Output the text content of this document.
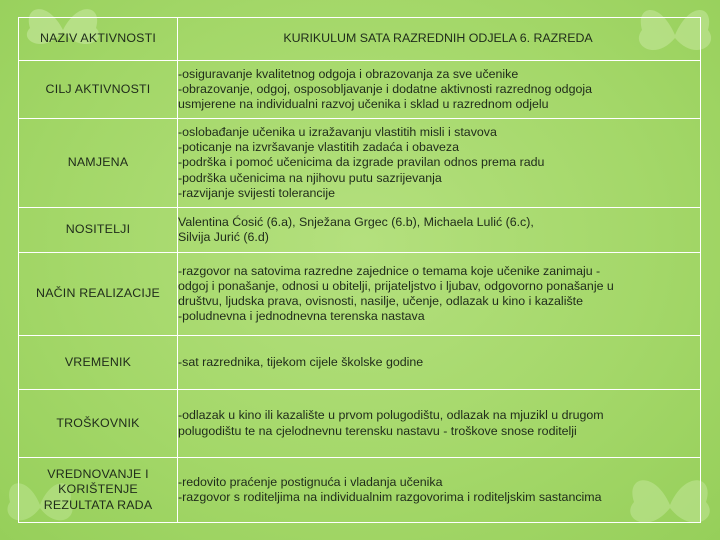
NAZIV AKTIVNOSTI	KURIKULUM SATA RAZREDNIH ODJELA 6. RAZREDA
CILJ AKTIVNOSTI	-osiguravanje kvalitetnog odgoja i obrazovanja za sve učenike
-obrazovanje, odgoj, osposobljavanje i dodatne aktivnosti razrednog odgoja
usmjerene na individualni razvoj učenika i sklad u razrednom odjelu

NAMJENA	-oslobađanje učenika u izražavanju vlastitih misli i stavova
-poticanje na izvršavanje vlastitih zadaća i obaveza
-podrška i pomoć učenicima da izgrade pravilan odnos prema radu
-podrška učenicima na njihovu putu sazrijevanja
-razvijanje svijesti tolerancije

NOSITELJI	Valentina Ćosić (6.a), Snježana Grgec (6.b), Michaela Lulić (6.c),
Silvija Jurić (6.d)

NAČIN REALIZACIJE	-razgovor na satovima razredne zajednice o temama koje učenike zanimaju -
odgoj i ponašanje, odnosi u obitelji, prijateljstvo i ljubav, odgovorno ponašanje u
društvu, ljudska prava, ovisnosti, nasilje, učenje, odlazak u kino i kazalište
-poludnevna i jednodnevna terenska nastava

VREMENIK	-sat razrednika, tijekom cijele školske godine

TROŠKOVNIK	-odlazak u kino ili kazalište u prvom polugodištu, odlazak na mjuzikl u drugom
polugodištu te na cjelodnevnu terensku nastavu - troškove snose roditelji

VREDNOVANJE I
KORIŠTENJE
REZULTATA RADA	-redovito praćenje postignuća i vladanja učenika
-razgovor s roditeljima na individualnim razgovorima i roditeljskim sastancima
